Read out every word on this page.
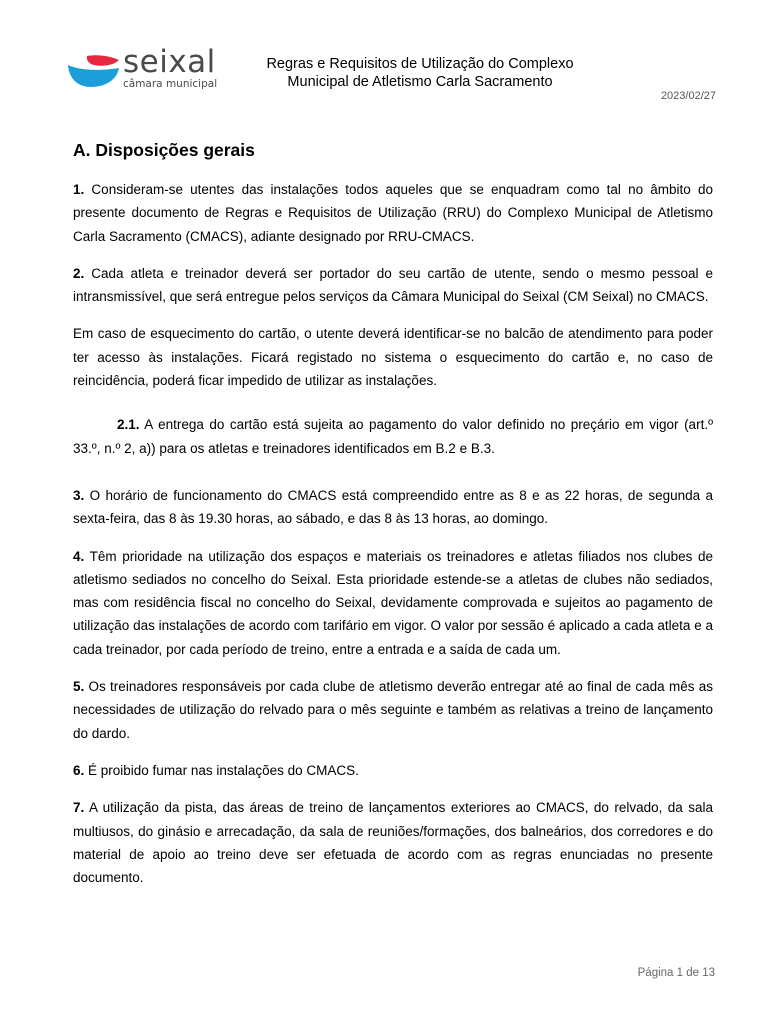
seixal
câmara municipal
Regras e Requisitos de Utilização do Complexo
Municipal de Atletismo Carla Sacramento
2023/02/27
A. Disposições gerais

1. Consideram-se utentes das instalações todos aqueles que se enquadram como tal no âmbito do presente documento de Regras e Requisitos de Utilização (RRU) do Complexo Municipal de Atletismo Carla Sacramento (CMACS), adiante designado por RRU-CMACS.

2. Cada atleta e treinador deverá ser portador do seu cartão de utente, sendo o mesmo pessoal e intransmissível, que será entregue pelos serviços da Câmara Municipal do Seixal (CM Seixal) no CMACS.

Em caso de esquecimento do cartão, o utente deverá identificar-se no balcão de atendimento para poder ter acesso às instalações. Ficará registado no sistema o esquecimento do cartão e, no caso de reincidência, poderá ficar impedido de utilizar as instalações.

2.1. A entrega do cartão está sujeita ao pagamento do valor definido no preçário em vigor (art.º 33.º, n.º 2, a)) para os atletas e treinadores identificados em B.2 e B.3.

3. O horário de funcionamento do CMACS está compreendido entre as 8 e as 22 horas, de segunda a sexta-feira, das 8 às 19.30 horas, ao sábado, e das 8 às 13 horas, ao domingo.

4. Têm prioridade na utilização dos espaços e materiais os treinadores e atletas filiados nos clubes de atletismo sediados no concelho do Seixal. Esta prioridade estende-se a atletas de clubes não sediados, mas com residência fiscal no concelho do Seixal, devidamente comprovada e sujeitos ao pagamento de utilização das instalações de acordo com tarifário em vigor. O valor por sessão é aplicado a cada atleta e a cada treinador, por cada período de treino, entre a entrada e a saída de cada um.

5. Os treinadores responsáveis por cada clube de atletismo deverão entregar até ao final de cada mês as necessidades de utilização do relvado para o mês seguinte e também as relativas a treino de lançamento do dardo.

6. É proibido fumar nas instalações do CMACS.

7. A utilização da pista, das áreas de treino de lançamentos exteriores ao CMACS, do relvado, da sala multiusos, do ginásio e arrecadação, da sala de reuniões/formações, dos balneários, dos corredores e do material de apoio ao treino deve ser efetuada de acordo com as regras enunciadas no presente documento.

Página 1 de 13
